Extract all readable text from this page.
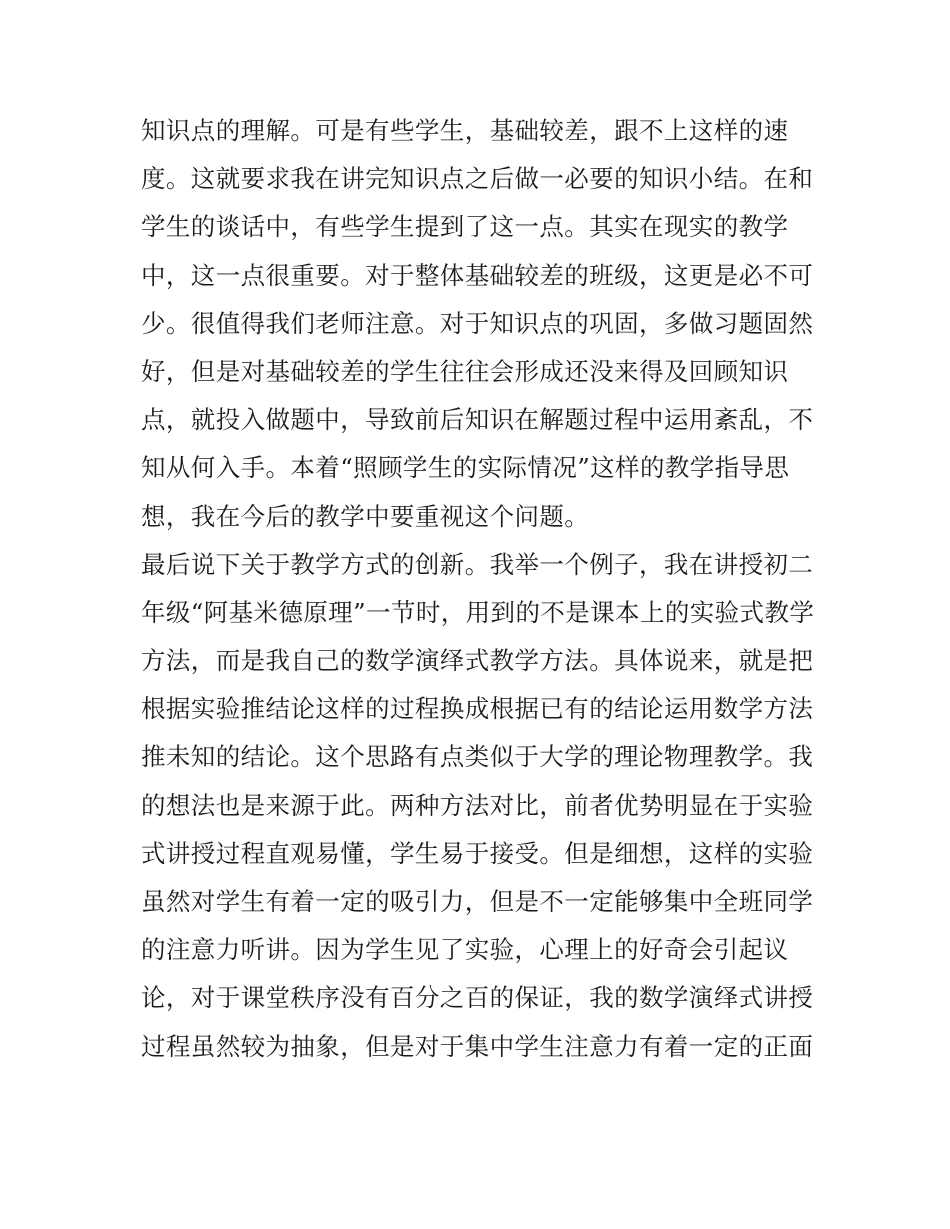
知识点的理解。可是有些学生，基础较差，跟不上这样的速
度。这就要求我在讲完知识点之后做一必要的知识小结。在和
学生的谈话中，有些学生提到了这一点。其实在现实的教学
中，这一点很重要。对于整体基础较差的班级，这更是必不可
少。很值得我们老师注意。对于知识点的巩固，多做习题固然
好，但是对基础较差的学生往往会形成还没来得及回顾知识
点，就投入做题中，导致前后知识在解题过程中运用紊乱，不
知从何入手。本着“照顾学生的实际情况”这样的教学指导思
想，我在今后的教学中要重视这个问题。
最后说下关于教学方式的创新。我举一个例子，我在讲授初二
年级“阿基米德原理”一节时，用到的不是课本上的实验式教学
方法，而是我自己的数学演绎式教学方法。具体说来，就是把
根据实验推结论这样的过程换成根据已有的结论运用数学方法
推未知的结论。这个思路有点类似于大学的理论物理教学。我
的想法也是来源于此。两种方法对比，前者优势明显在于实验
式讲授过程直观易懂，学生易于接受。但是细想，这样的实验
虽然对学生有着一定的吸引力，但是不一定能够集中全班同学
的注意力听讲。因为学生见了实验，心理上的好奇会引起议
论，对于课堂秩序没有百分之百的保证，我的数学演绎式讲授
过程虽然较为抽象，但是对于集中学生注意力有着一定的正面
